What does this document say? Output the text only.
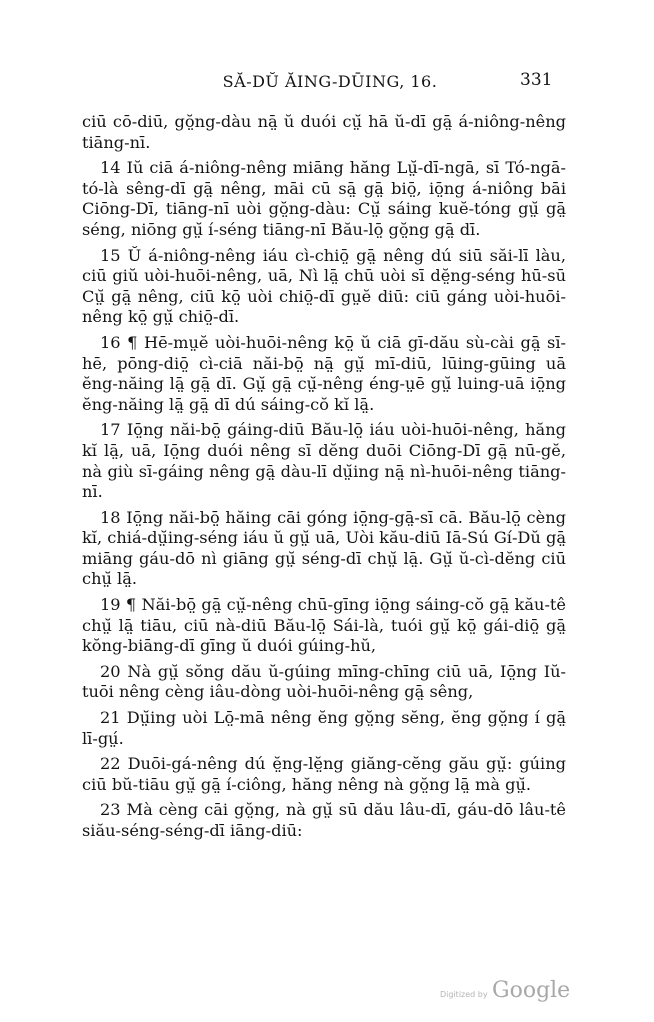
SĂ-DŬ ĂING-DŪING, 16.	331

ciū cō-diū, gŏ̤ng-dàu nā̤ ŭ duói cṳ̆ hā ŭ-dī gā̤ á-niông-nêng tiāng-nī.

14 Iŭ ciā á-niông-nêng miāng hăng Lṳ̆-dī-ngā, sī Tó-ngā-tó-là sêng-dī gā̤ nêng, māi cū sā̤ gā̤ biō̤, iō̤ng á-niông bāi Ciōng-Dī, tiāng-nī uòi gŏ̤ng-dàu: Cṳ̆ sáing kuĕ-tóng gṳ̆ gā̤ séng, niōng gṳ̆ í-séng tiāng-nī Bău-lō̤ gŏ̤ng gā̤ dī.

15 Ŭ á-niông-nêng iáu cì-chiō̤ gā̤ nêng dú siū săi-lī làu, ciū giŭ uòi-huōi-nêng, uā, Nì lā̤ chū uòi sī dĕ̤ng-séng hū-sū Cṳ̆ gā̤ nêng, ciū kō̤ uòi chiō̤-dī gṳĕ diū: ciū gáng uòi-huōi-nêng kō̤ gṳ̆ chiō̤-dī.

16 ¶ Hē-mṳĕ uòi-huōi-nêng kō̤ ŭ ciā gī-dău sù-cài gā̤ sī-hē, pōng-diō̤ cì-ciā năi-bō̤ nā̤ gṳ̆ mī-diū, lūing-gūing uā ĕng-năing lā̤ gā̤ dī. Gṳ̆ gā̤ cṳ̆-nêng éng-ṳē gṳ̆ luing-uā iō̤ng ĕng-năing lā̤ gā̤ dī dú sáing-cŏ kĭ lā̤.

17 Iō̤ng năi-bō̤ gáing-diū Bău-lō̤ iáu uòi-huōi-nêng, hăng kĭ lā̤, uā, Iō̤ng duói nêng sī dĕng duōi Ciōng-Dī gā̤ nū-gĕ, nà giù sī-gáing nêng gā̤ dàu-lī dṳ̆ing nā̤ nì-huōi-nêng tiāng-nī.

18 Iō̤ng năi-bō̤ hăing cāi góng iō̤ng-gā̤-sī cā. Bău-lō̤ cèng kĭ, chiá-dṳ̆ing-séng iáu ŭ gṳ̆ uā, Uòi kău-diū Iā-Sú Gí-Dŭ gā̤ miāng gáu-dō nì giāng gṳ̆ séng-dī chṳ̆ lā̤. Gṳ̆ ŭ-cì-dĕng ciū chṳ̆ lā̤.

19 ¶ Năi-bō̤ gā̤ cṳ̆-nêng chū-gīng iō̤ng sáing-cŏ gā̤ kău-tê chṳ̆ lā̤ tiāu, ciū nà-diū Bău-lō̤ Sái-là, tuói gṳ̆ kō̤ gái-diō̤ gā̤ kŏng-biāng-dī gīng ŭ duói gúing-hŭ,

20 Nà gṳ̆ sŏng dău ŭ-gúing mīng-chīng ciū uā, Iō̤ng Iŭ-tuōi nêng cèng iâu-dòng uòi-huōi-nêng gā̤ sêng,

21 Dṳ̆ing uòi Lō̤-mā nêng ĕng gŏ̤ng sĕng, ĕng gŏ̤ng í gā̤ lī-gṳ́.

22 Duōi-gá-nêng dú ĕ̤ng-lĕ̤ng giăng-cĕng gău gṳ̆: gúing ciū bŭ-tiāu gṳ̆ gā̤ í-ciông, hăng nêng nà gŏ̤ng lā̤ mà gṳ̆.

23 Mà cèng cāi gŏ̤ng, nà gṳ̆ sū dău lâu-dī, gáu-dō lâu-tê siău-séng-séng-dī iāng-diū:

Digitized by Google
